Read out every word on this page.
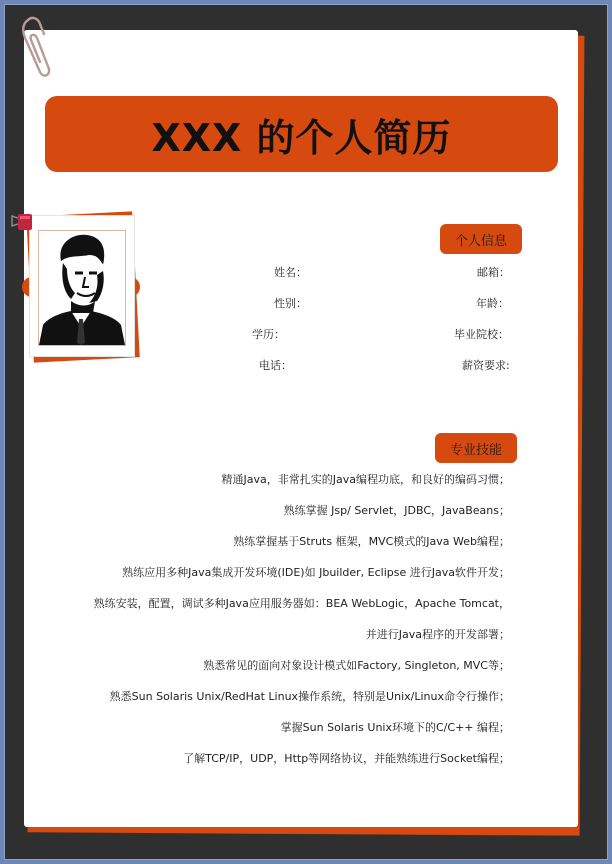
XXX 的个人简历
个人信息
姓名：	邮箱：
性别：	年龄：
学历：	毕业院校：
电话：	薪资要求:
专业技能
精通Java，非常扎实的Java编程功底，和良好的编码习惯；
熟练掌握 Jsp/ Servlet，JDBC，JavaBeans；
熟练掌握基于Struts 框架，MVC模式的Java Web编程；
熟练应用多种Java集成开发环境(IDE)如 Jbuilder, Eclipse 进行Java软件开发；
熟练安装，配置，调试多种Java应用服务器如：BEA WebLogic，Apache Tomcat，
并进行Java程序的开发部署；
熟悉常见的面向对象设计模式如Factory, Singleton, MVC等；
熟悉Sun Solaris Unix/RedHat Linux操作系统，特别是Unix/Linux命令行操作；
掌握Sun Solaris Unix环境下的C/C++ 编程；
了解TCP/IP，UDP，Http等网络协议，并能熟练进行Socket编程；
